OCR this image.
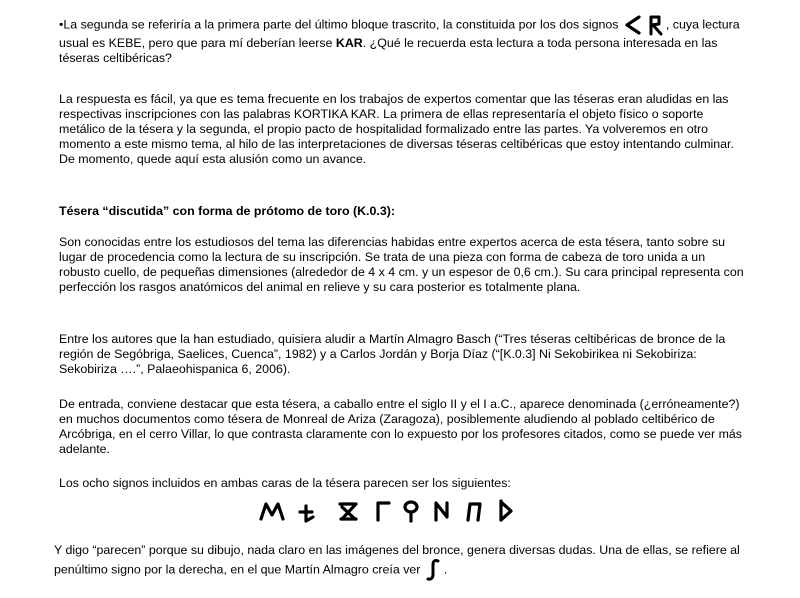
•La segunda se referiría a la primera parte del último bloque trascrito, la constituida por los dos signos	, cuya lectura usual es KEBE, pero que para mí deberían leerse KAR. ¿Qué le recuerda esta lectura a toda persona interesada en las téseras celtibéricas?

La respuesta es fácil, ya que es tema frecuente en los trabajos de expertos comentar que las téseras eran aludidas en las respectivas inscripciones con las palabras KORTIKA KAR. La primera de ellas representaría el objeto físico o soporte metálico de la tésera y la segunda, el propio pacto de hospitalidad formalizado entre las partes. Ya volveremos en otro momento a este mismo tema, al hilo de las interpretaciones de diversas téseras celtibéricas que estoy intentando culminar. De momento, quede aquí esta alusión como un avance.

Tésera “discutida” con forma de prótomo de toro (K.0.3):

Son conocidas entre los estudiosos del tema las diferencias habidas entre expertos acerca de esta tésera, tanto sobre su lugar de procedencia como la lectura de su inscripción. Se trata de una pieza con forma de cabeza de toro unida a un robusto cuello, de pequeñas dimensiones (alrededor de 4 x 4 cm. y un espesor de 0,6 cm.). Su cara principal representa con perfección los rasgos anatómicos del animal en relieve y su cara posterior es totalmente plana.

Entre los autores que la han estudiado, quisiera aludir a Martín Almagro Basch (“Tres téseras celtibéricas de bronce de la región de Segóbriga, Saelices, Cuenca”, 1982) y a Carlos Jordán y Borja Díaz (“[K.0.3] Ni Sekobirikea ni Sekobiriza: Sekobiriza ….”, Palaeohispanica 6, 2006).

De entrada, conviene destacar que esta tésera, a caballo entre el siglo II y el I a.C., aparece denominada (¿erróneamente?) en muchos documentos como tésera de Monreal de Ariza (Zaragoza), posiblemente aludiendo al poblado celtibérico de Arcóbriga, en el cerro Villar, lo que contrasta claramente con lo expuesto por los profesores citados, como se puede ver más adelante.

Los ocho signos incluidos en ambas caras de la tésera parecen ser los siguientes:

Y digo “parecen” porque su dibujo, nada claro en las imágenes del bronce, genera diversas dudas. Una de ellas, se refiere al penúltimo signo por la derecha, en el que Martín Almagro creía ver
.
